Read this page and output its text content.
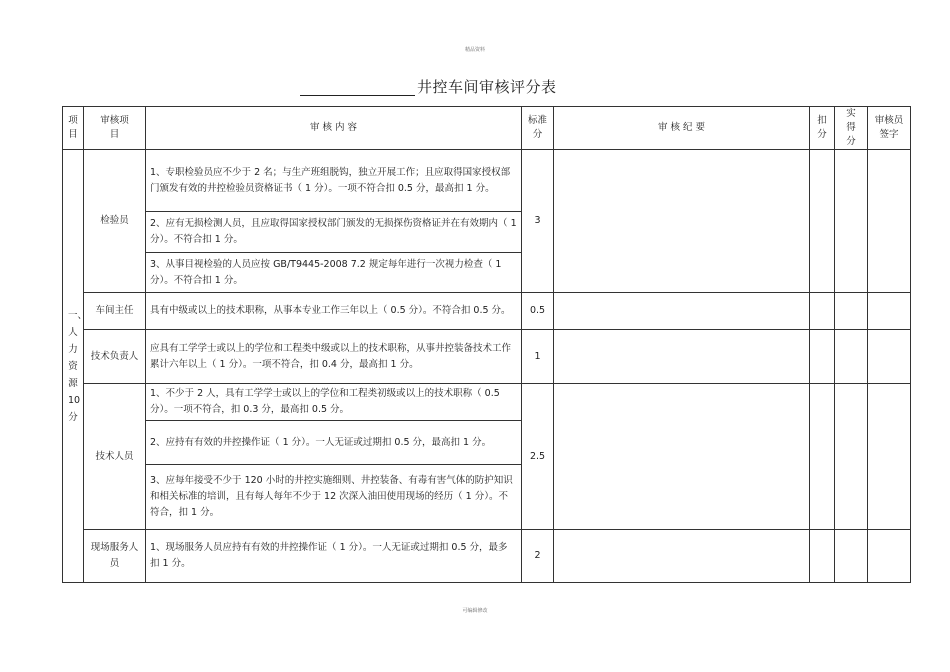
精品资料
井控车间审核评分表
项目	审核项目	审 核 内 容	标准分	审 核 纪 要	扣分	实得分	审核员签字
一、人力资源10分	检验员	1、专职检验员应不少于 2 名；与生产班组脱钩，独立开展工作；且应取得国家授权部门颁发有效的井控检验员资格证书（ 1 分）。一项不符合扣 0.5 分，最高扣 1 分。	3				
		2、应有无损检测人员，且应取得国家授权部门颁发的无损探伤资格证并在有效期内（ 1 分）。不符合扣 1 分。					
		3、从事目视检验的人员应按 GB/T9445-2008 7.2 规定每年进行一次视力检查（ 1 分）。不符合扣 1 分。					
	车间主任	具有中级或以上的技术职称，从事本专业工作三年以上（ 0.5 分）。不符合扣 0.5 分。	0.5				
	技术负责人	应具有工学学士或以上的学位和工程类中级或以上的技术职称，从事井控装备技术工作累计六年以上（ 1 分）。一项不符合，扣 0.4 分，最高扣 1 分。	1				
	技术人员	1、不少于 2 人，具有工学学士或以上的学位和工程类初级或以上的技术职称（ 0.5 分）。一项不符合，扣 0.3 分，最高扣 0.5 分。	2.5				
		2、应持有有效的井控操作证（ 1 分）。一人无证或过期扣 0.5 分，最高扣 1 分。					
		3、应每年接受不少于 120 小时的井控实施细则、井控装备、有毒有害气体的防护知识和相关标准的培训，且有每人每年不少于 12 次深入油田使用现场的经历（ 1 分）。不符合，扣 1 分。					
	现场服务人员	1、现场服务人员应持有有效的井控操作证（ 1 分）。一人无证或过期扣 0.5 分，最多扣 1 分。	2				
可编辑修改
